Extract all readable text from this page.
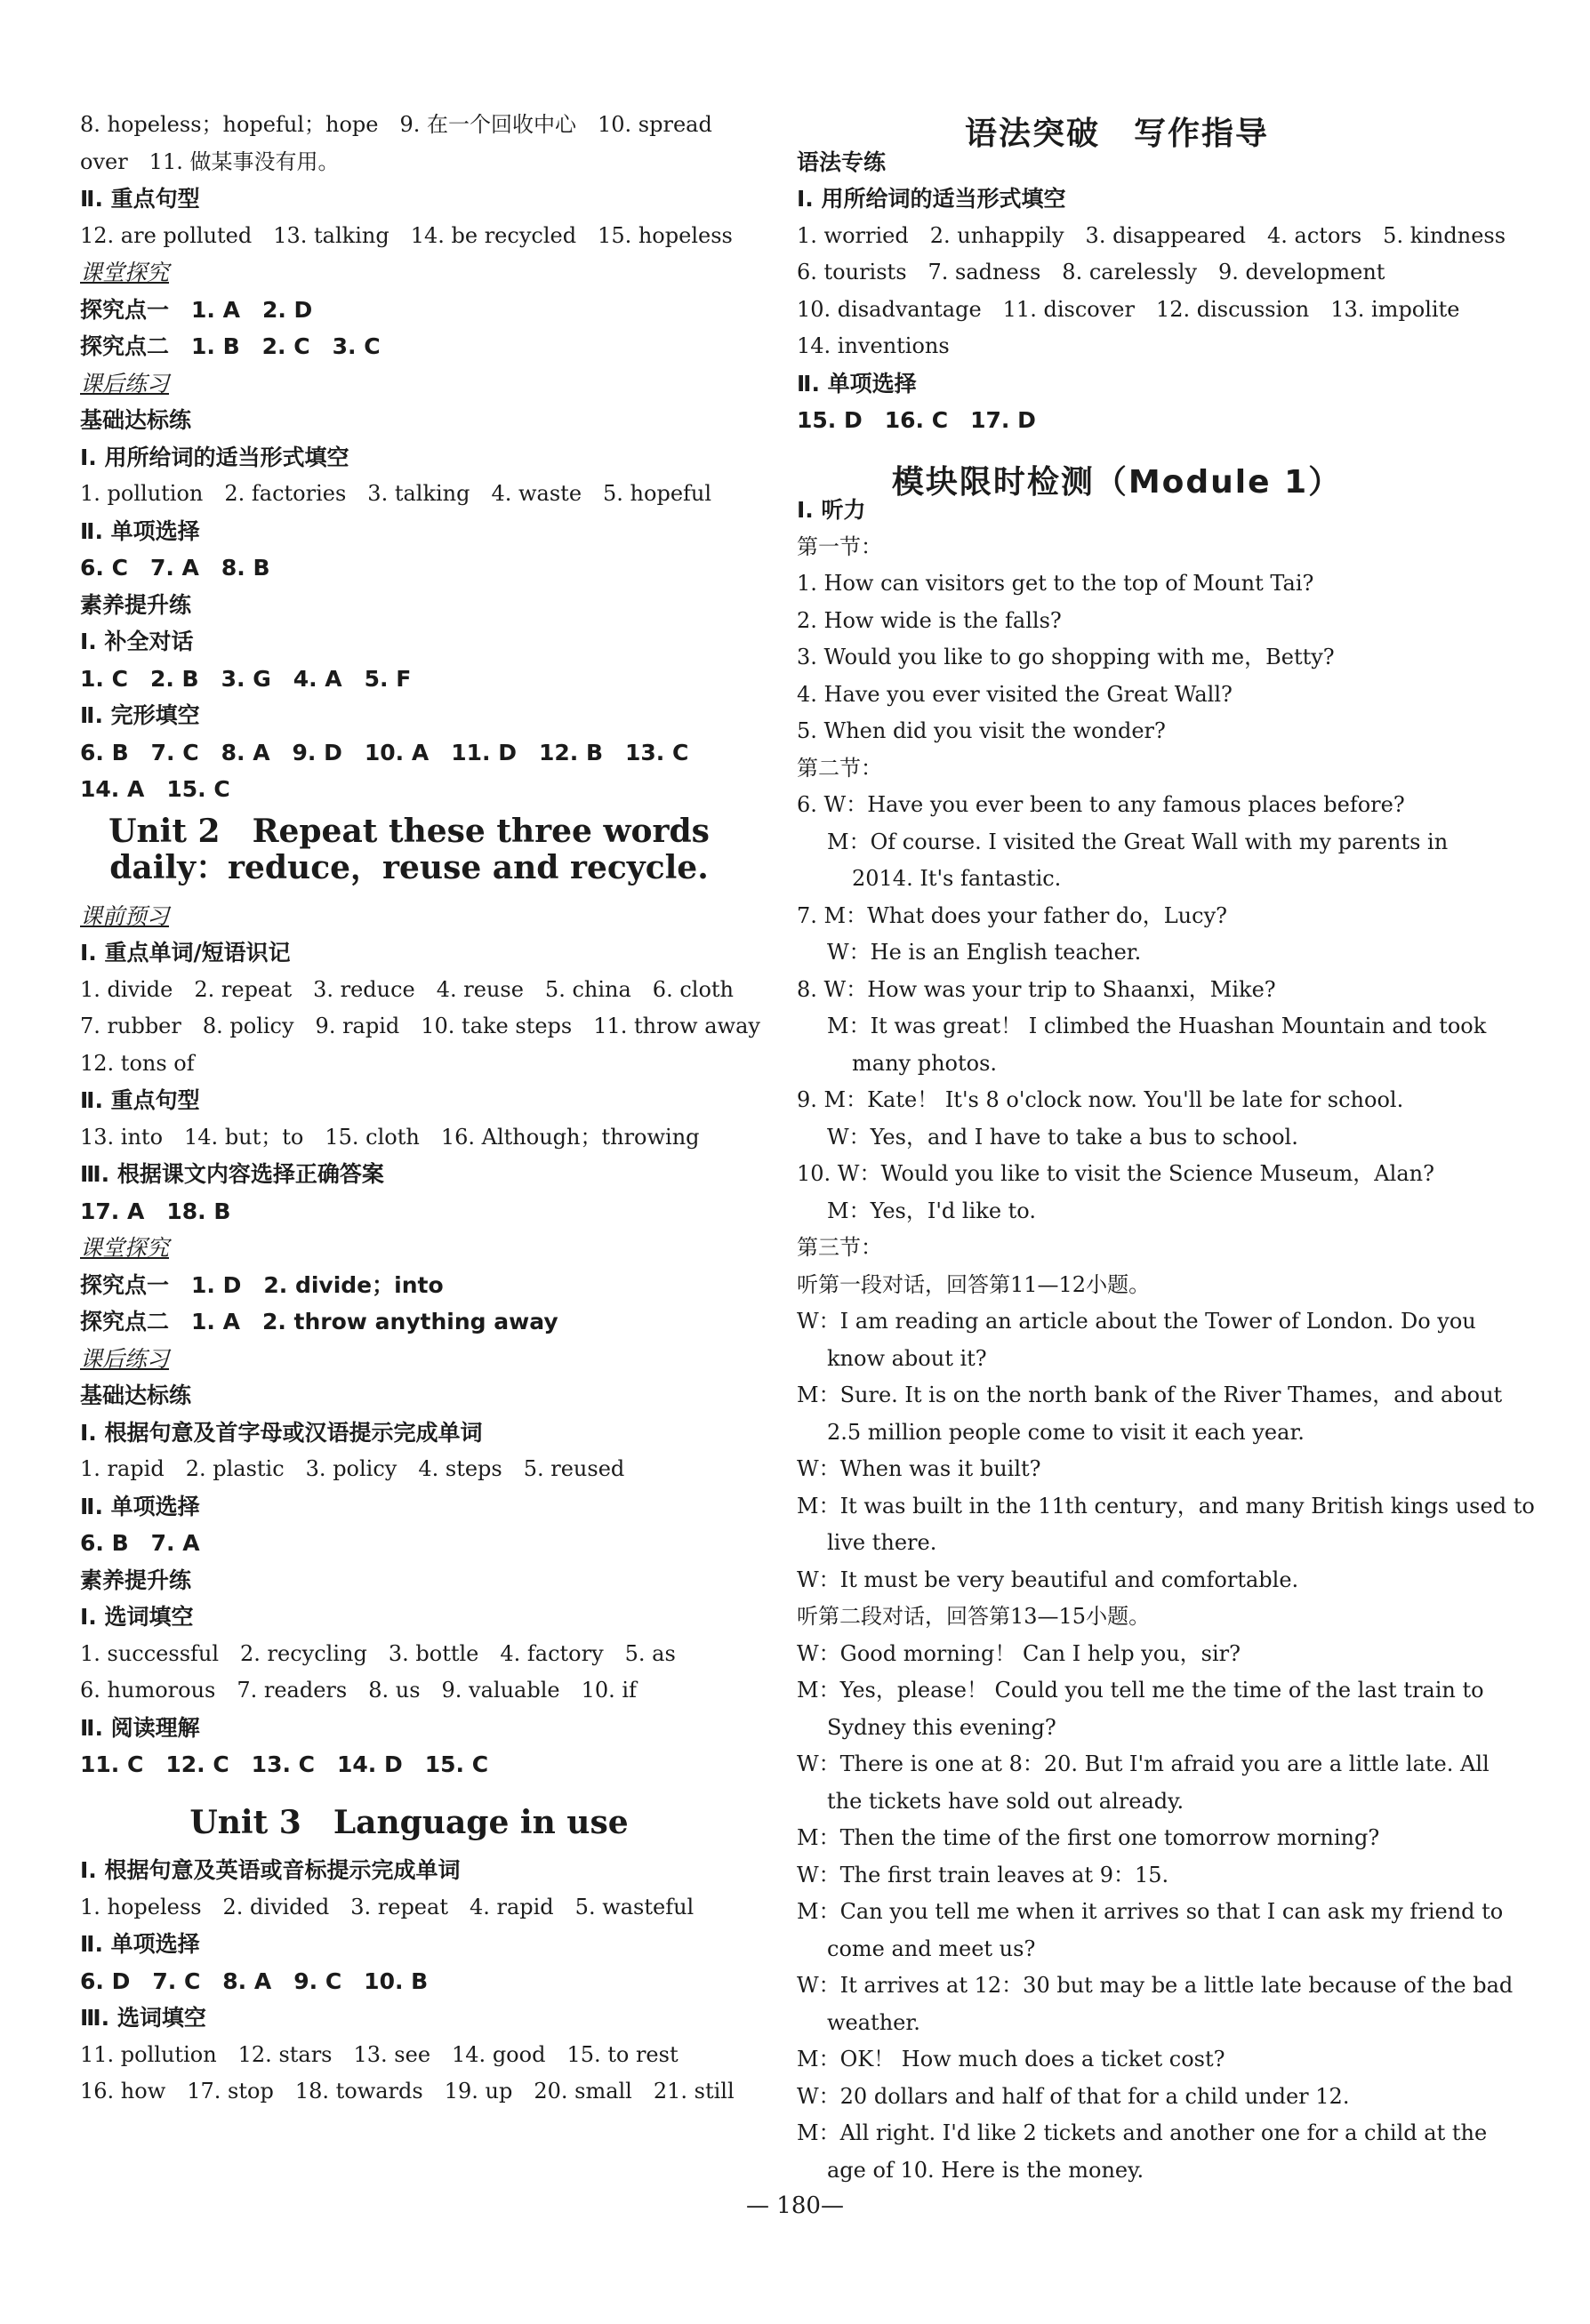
8. hopeless；hopeful；hope　9. 在一个回收中心　10. spread
over　11. 做某事没有用。
Ⅱ. 重点句型
12. are polluted　13. talking　14. be recycled　15. hopeless
课堂探究
探究点一　1. A　2. D
探究点二　1. B　2. C　3. C
课后练习
基础达标练
Ⅰ. 用所给词的适当形式填空
1. pollution　2. factories　3. talking　4. waste　5. hopeful
Ⅱ. 单项选择
6. C　7. A　8. B
素养提升练
Ⅰ. 补全对话
1. C　2. B　3. G　4. A　5. F
Ⅱ. 完形填空
6. B　7. C　8. A　9. D　10. A　11. D　12. B　13. C
14. A　15. C
Unit 2　Repeat these three words
daily：reduce，reuse and recycle.
课前预习
Ⅰ. 重点单词/短语识记
1. divide　2. repeat　3. reduce　4. reuse　5. china　6. cloth
7. rubber　8. policy　9. rapid　10. take steps　11. throw away
12. tons of
Ⅱ. 重点句型
13. into　14. but；to　15. cloth　16. Although；throwing
Ⅲ. 根据课文内容选择正确答案
17. A　18. B
课堂探究
探究点一　1. D　2. divide；into
探究点二　1. A　2. throw anything away
课后练习
基础达标练
Ⅰ. 根据句意及首字母或汉语提示完成单词
1. rapid　2. plastic　3. policy　4. steps　5. reused
Ⅱ. 单项选择
6. B　7. A
素养提升练
Ⅰ. 选词填空
1. successful　2. recycling　3. bottle　4. factory　5. as
6. humorous　7. readers　8. us　9. valuable　10. if
Ⅱ. 阅读理解
11. C　12. C　13. C　14. D　15. C
Unit 3　Language in use
Ⅰ. 根据句意及英语或音标提示完成单词
1. hopeless　2. divided　3. repeat　4. rapid　5. wasteful
Ⅱ. 单项选择
6. D　7. C　8. A　9. C　10. B
Ⅲ. 选词填空
11. pollution　12. stars　13. see　14. good　15. to rest
16. how　17. stop　18. towards　19. up　20. small　21. still
语法突破　写作指导
语法专练
Ⅰ. 用所给词的适当形式填空
1. worried　2. unhappily　3. disappeared　4. actors　5. kindness
6. tourists　7. sadness　8. carelessly　9. development
10. disadvantage　11. discover　12. discussion　13. impolite
14. inventions
Ⅱ. 单项选择
15. D　16. C　17. D
模块限时检测（Module 1）
Ⅰ. 听力
第一节：
1. How can visitors get to the top of Mount Tai?
2. How wide is the falls?
3. Would you like to go shopping with me，Betty?
4. Have you ever visited the Great Wall?
5. When did you visit the wonder?
第二节：
6. W：Have you ever been to any famous places before?
M：Of course. I visited the Great Wall with my parents in
2014. It's fantastic.
7. M：What does your father do，Lucy?
W：He is an English teacher.
8. W：How was your trip to Shaanxi，Mike?
M：It was great！ I climbed the Huashan Mountain and took
many photos.
9. M：Kate！ It's 8 o'clock now. You'll be late for school.
W：Yes，and I have to take a bus to school.
10. W：Would you like to visit the Science Museum，Alan?
M：Yes，I'd like to.
第三节：
听第一段对话，回答第11—12小题。
W：I am reading an article about the Tower of London. Do you
know about it?
M：Sure. It is on the north bank of the River Thames，and about
2.5 million people come to visit it each year.
W：When was it built?
M：It was built in the 11th century，and many British kings used to
live there.
W：It must be very beautiful and comfortable.
听第二段对话，回答第13—15小题。
W：Good morning！ Can I help you，sir?
M：Yes，please！ Could you tell me the time of the last train to
Sydney this evening?
W：There is one at 8：20. But I'm afraid you are a little late. All
the tickets have sold out already.
M：Then the time of the first one tomorrow morning?
W：The first train leaves at 9：15.
M：Can you tell me when it arrives so that I can ask my friend to
come and meet us?
W：It arrives at 12：30 but may be a little late because of the bad
weather.
M：OK！ How much does a ticket cost?
W：20 dollars and half of that for a child under 12.
M：All right. I'd like 2 tickets and another one for a child at the
age of 10. Here is the money.
— 180—
